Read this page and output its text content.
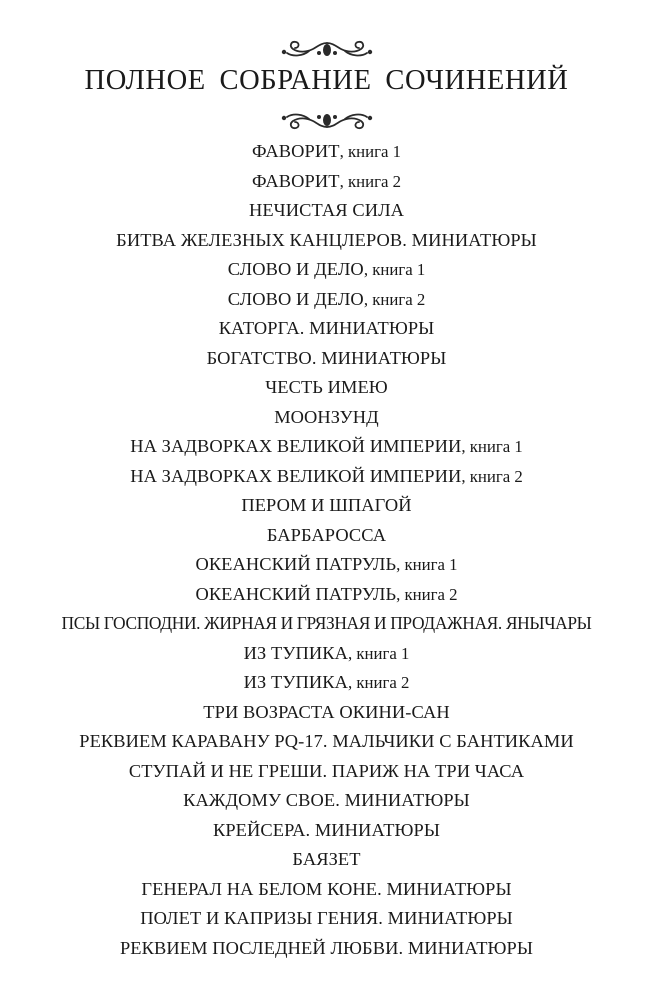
ПОЛНОЕ СОБРАНИЕ СОЧИНЕНИЙ
ФАВОРИТ, книга 1
ФАВОРИТ, книга 2
НЕЧИСТАЯ СИЛА
БИТВА ЖЕЛЕЗНЫХ КАНЦЛЕРОВ. МИНИАТЮРЫ
СЛОВО И ДЕЛО, книга 1
СЛОВО И ДЕЛО, книга 2
КАТОРГА. МИНИАТЮРЫ
БОГАТСТВО. МИНИАТЮРЫ
ЧЕСТЬ ИМЕЮ
МООНЗУНД
НА ЗАДВОРКАХ ВЕЛИКОЙ ИМПЕРИИ, книга 1
НА ЗАДВОРКАХ ВЕЛИКОЙ ИМПЕРИИ, книга 2
ПЕРОМ И ШПАГОЙ
БАРБАРОССА
ОКЕАНСКИЙ ПАТРУЛЬ, книга 1
ОКЕАНСКИЙ ПАТРУЛЬ, книга 2
ПСЫ ГОСПОДНИ. ЖИРНАЯ И ГРЯЗНАЯ И ПРОДАЖНАЯ. ЯНЫЧАРЫ
ИЗ ТУПИКА, книга 1
ИЗ ТУПИКА, книга 2
ТРИ ВОЗРАСТА ОКИНИ-САН
РЕКВИЕМ КАРАВАНУ PQ-17. МАЛЬЧИКИ С БАНТИКАМИ
СТУПАЙ И НЕ ГРЕШИ. ПАРИЖ НА ТРИ ЧАСА
КАЖДОМУ СВОЕ. МИНИАТЮРЫ
КРЕЙСЕРА. МИНИАТЮРЫ
БАЯЗЕТ
ГЕНЕРАЛ НА БЕЛОМ КОНЕ. МИНИАТЮРЫ
ПОЛЕТ И КАПРИЗЫ ГЕНИЯ. МИНИАТЮРЫ
РЕКВИЕМ ПОСЛЕДНЕЙ ЛЮБВИ. МИНИАТЮРЫ
